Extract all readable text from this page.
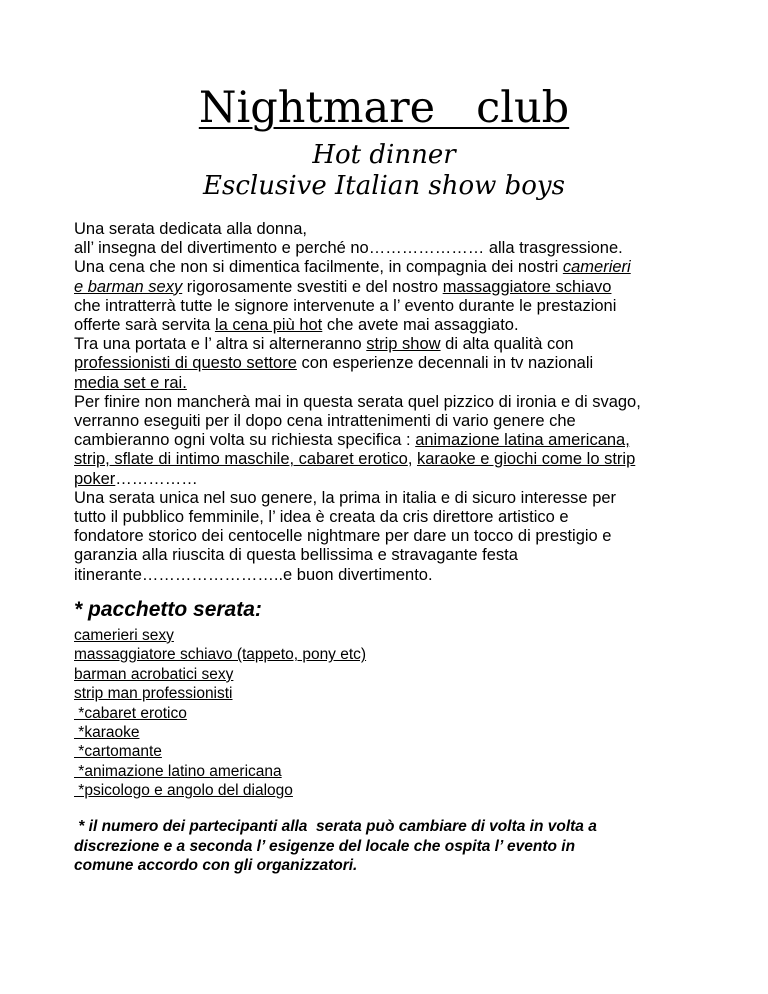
Nightmare   club
Hot dinner
Esclusive Italian show boys
Una serata dedicata alla donna,
all’ insegna del divertimento e perché no………………… alla trasgressione.
Una cena che non si dimentica facilmente, in compagnia dei nostri camerieri
e barman sexy rigorosamente svestiti e del nostro massaggiatore schiavo
che intratterrà tutte le signore intervenute a l’ evento durante le prestazioni
offerte sarà servita la cena più hot che avete mai assaggiato.
Tra una portata e l’ altra si alterneranno strip show di alta qualità con
professionisti di questo settore con esperienze decennali in tv nazionali
media set e rai.
Per finire non mancherà mai in questa serata quel pizzico di ironia e di svago,
verranno eseguiti per il dopo cena intrattenimenti di vario genere che
cambieranno ogni volta su richiesta specifica : animazione latina americana,
strip, sflate di intimo maschile, cabaret erotico, karaoke e giochi come lo strip
poker……………
Una serata unica nel suo genere, la prima in italia e di sicuro interesse per
tutto il pubblico femminile, l’ idea è creata da cris direttore artistico e
fondatore storico dei centocelle nightmare per dare un tocco di prestigio e
garanzia alla riuscita di questa bellissima e stravagante festa
itinerante……………………..e buon divertimento.
* pacchetto serata:
camerieri sexy
massaggiatore schiavo (tappeto, pony etc)
barman acrobatici sexy
strip man professionisti
*cabaret erotico
*karaoke
*cartomante
*animazione latino americana
*psicologo e angolo del dialogo
* il numero dei partecipanti alla  serata può cambiare di volta in volta a
discrezione e a seconda l’ esigenze del locale che ospita l’ evento in
comune accordo con gli organizzatori.
